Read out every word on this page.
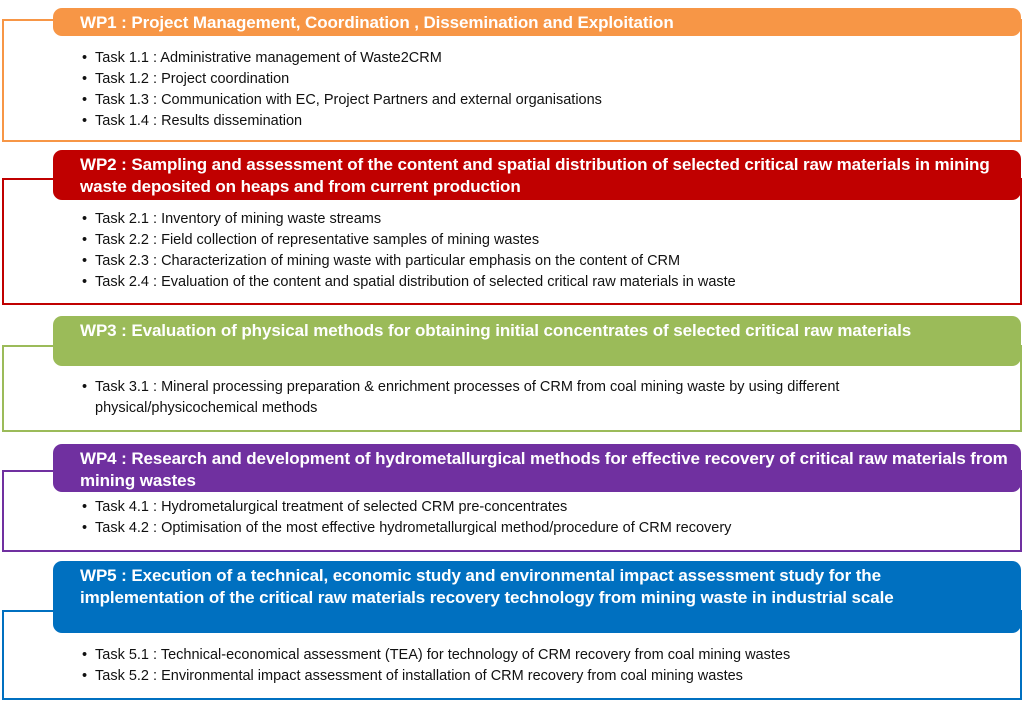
WP1 : Project Management, Coordination , Dissemination and Exploitation
• Task 1.1 : Administrative management of Waste2CRM
• Task 1.2 : Project coordination
• Task 1.3 : Communication with EC, Project Partners and external organisations
• Task 1.4 : Results dissemination
WP2 : Sampling and assessment of the content and spatial distribution of selected critical raw materials in mining waste deposited on heaps and from current production
• Task 2.1 : Inventory of mining waste streams
• Task 2.2 : Field collection of representative samples of mining wastes
• Task 2.3 : Characterization of mining waste with particular emphasis on the content of CRM
• Task 2.4 : Evaluation of the content and spatial distribution of selected critical raw materials in waste
WP3 : Evaluation of physical methods for obtaining initial concentrates of selected critical raw materials
• Task 3.1 : Mineral processing preparation & enrichment processes of CRM from coal mining waste by using different physical/physicochemical methods
WP4 : Research and development of hydrometallurgical methods for effective recovery of critical raw materials from mining wastes
• Task 4.1 : Hydrometalurgical treatment of selected CRM pre-concentrates
• Task 4.2 : Optimisation of the most effective hydrometallurgical method/procedure of CRM recovery
WP5 : Execution of a technical, economic study and environmental impact assessment study for the implementation of the critical raw materials recovery technology from mining waste in industrial scale
• Task 5.1 : Technical-economical assessment (TEA) for technology of CRM recovery from coal mining wastes
• Task 5.2 : Environmental impact assessment of installation of CRM recovery from coal mining wastes
